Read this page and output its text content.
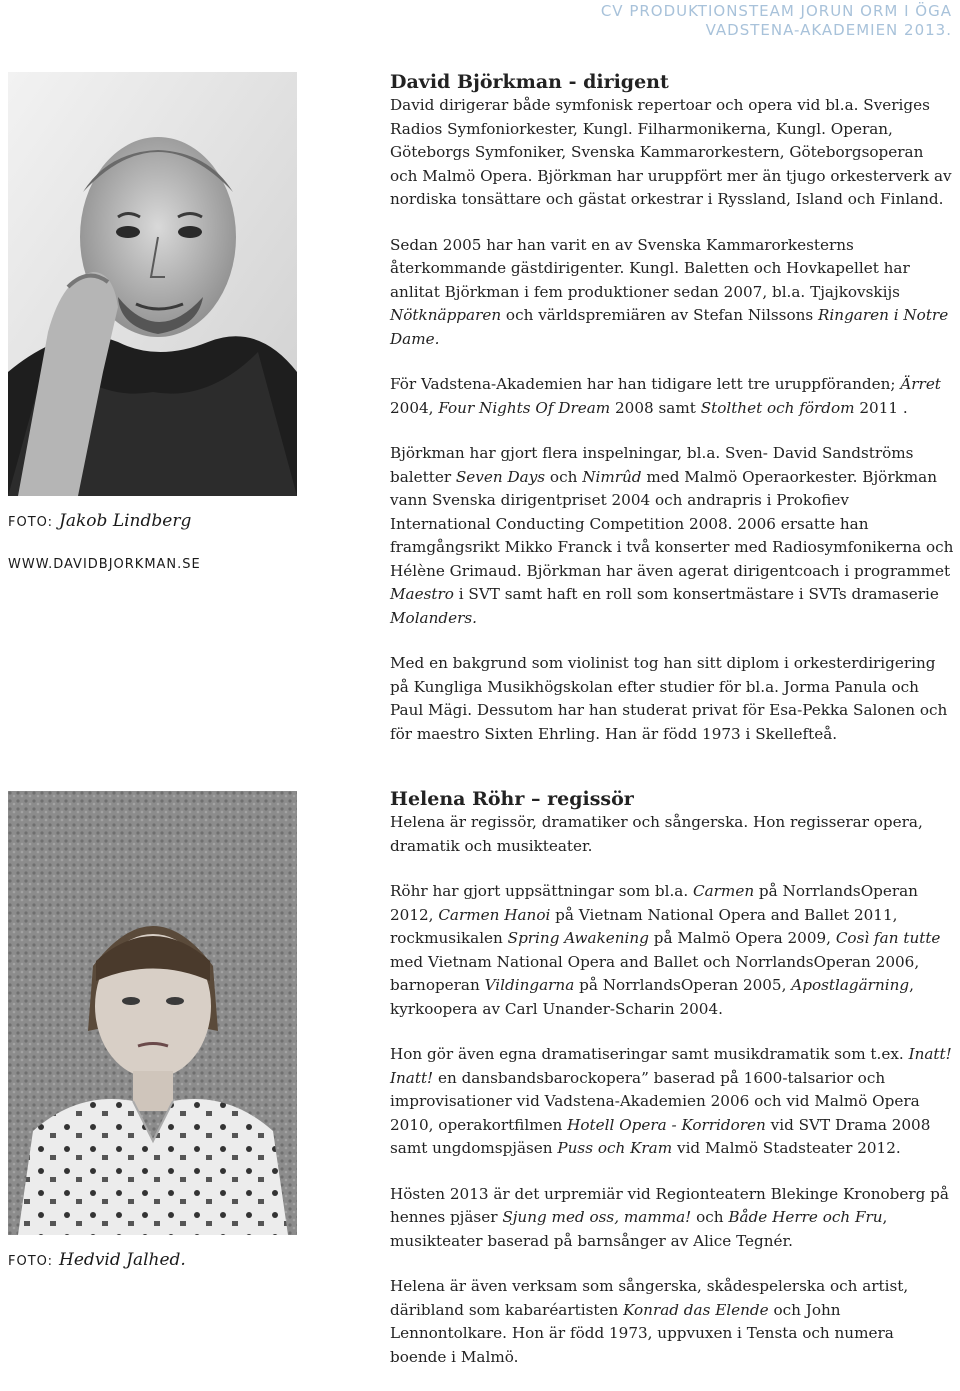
CV PRODUKTIONSTEAM JORUN ORM I ÖGA
VADSTENA-AKADEMIEN 2013.
FOTO: Jakob Lindberg
WWW.DAVIDBJORKMAN.SE
FOTO: Hedvid Jalhed.
David Björkman - dirigent

David dirigerar både symfonisk repertoar och opera vid bl.a. Sveriges Radios Symfoniorkester, Kungl. Filharmonikerna, Kungl. Operan, Göteborgs Symfoniker, Svenska Kammarorkestern, Göteborgsoperan och Malmö Opera. Björkman har uruppfört mer än tjugo orkesterverk av nordiska tonsättare och gästat orkestrar i Ryssland, Island och Finland.

Sedan 2005 har han varit en av Svenska Kammarorkesterns återkommande gästdirigenter. Kungl. Baletten och Hovkapellet har anlitat Björkman i fem produktioner sedan 2007, bl.a. Tjajkovskijs Nötknäpparen och världspremiären av Stefan Nilssons Ringaren i Notre Dame.

För Vadstena-Akademien har han tidigare lett tre uruppföranden; Ärret 2004, Four Nights Of Dream 2008 samt Stolthet och fördom 2011 .

Björkman har gjort flera inspelningar, bl.a. Sven- David Sandströms baletter Seven Days och Nimrûd med Malmö Operaorkester. Björkman vann Svenska dirigentpriset 2004 och andrapris i Prokofiev International Conducting Competition 2008. 2006 ersatte han framgångsrikt Mikko Franck i två konserter med Radiosymfonikerna och Hélène Grimaud. Björkman har även agerat dirigentcoach i programmet Maestro i SVT samt haft en roll som konsertmästare i SVTs dramaserie Molanders.

Med en bakgrund som violinist tog han sitt diplom i orkesterdirigering på Kungliga Musikhögskolan efter studier för bl.a. Jorma Panula och Paul Mägi. Dessutom har han studerat privat för Esa-Pekka Salonen och för maestro Sixten Ehrling. Han är född 1973 i Skellefteå.

Helena Röhr – regissör

Helena är regissör, dramatiker och sångerska. Hon regisserar opera, dramatik och musikteater.

Röhr har gjort uppsättningar som bl.a. Carmen på NorrlandsOperan 2012, Carmen Hanoi på Vietnam National Opera and Ballet 2011, rockmusikalen Spring Awakening på Malmö Opera 2009, Così fan tutte med Vietnam National Opera and Ballet och NorrlandsOperan 2006, barnoperan Vildingarna på NorrlandsOperan 2005, Apostlagärning, kyrkoopera av Carl Unander-Scharin 2004.

Hon gör även egna dramatiseringar samt musikdramatik som t.ex. Inatt! Inatt! en dansbandsbarockopera” baserad på 1600-talsarior och improvisationer vid Vadstena-Akademien 2006 och vid Malmö Opera 2010, operakortfilmen Hotell Opera - Korridoren vid SVT Drama 2008 samt ungdomspjäsen Puss och Kram vid Malmö Stadsteater 2012.

Hösten 2013 är det urpremiär vid Regionteatern Blekinge Kronoberg på hennes pjäser Sjung med oss, mamma! och Både Herre och Fru, musikteater baserad på barnsånger av Alice Tegnér.

Helena är även verksam som sångerska, skådespelerska och artist, däribland som kabaréartisten Konrad das Elende och John Lennontolkare. Hon är född 1973, uppvuxen i Tensta och numera boende i Malmö.
